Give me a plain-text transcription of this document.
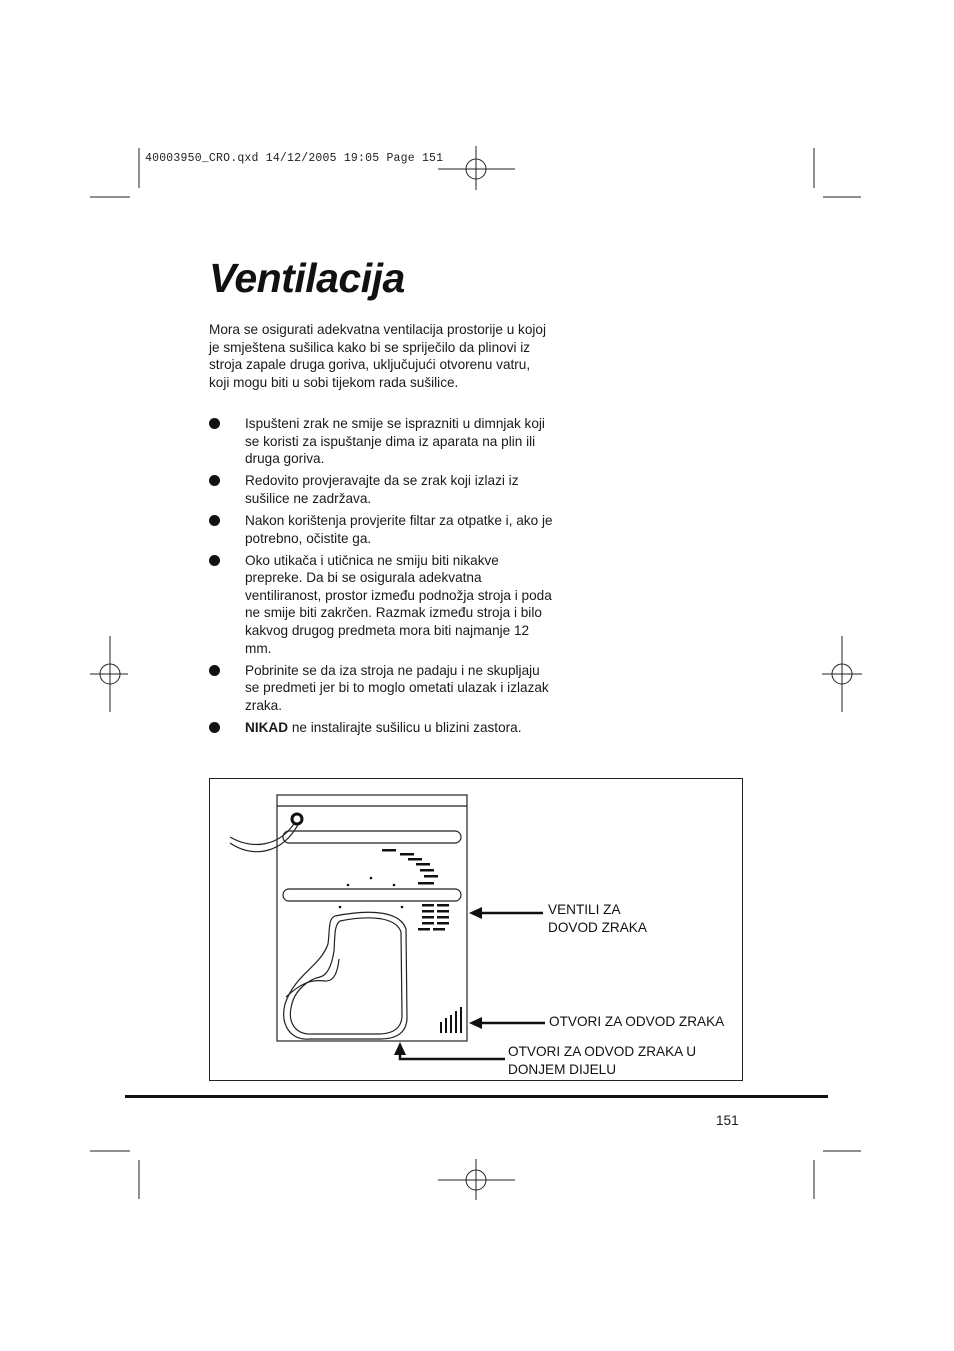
40003950_CRO.qxd 14/12/2005 19:05 Page 151
Ventilacija

Mora se osigurati adekvatna ventilacija prostorije u kojoj je smještena sušilica kako bi se spriječilo da plinovi iz stroja zapale druga goriva, uključujući otvorenu vatru, koji mogu biti u sobi tijekom rada sušilice.

Ispušteni zrak ne smije se isprazniti u dimnjak koji se koristi za ispuštanje dima iz aparata na plin ili druga goriva.
Redovito provjeravajte da se zrak koji izlazi iz sušilice ne zadržava.
Nakon korištenja provjerite filtar za otpatke i, ako je potrebno, očistite ga.
Oko utikača i utičnica ne smiju biti nikakve prepreke. Da bi se osigurala adekvatna ventiliranost, prostor između podnožja stroja i poda ne smije biti zakrčen. Razmak između stroja i bilo kakvog drugog predmeta mora biti najmanje 12 mm.
Pobrinite se da iza stroja ne padaju i ne skupljaju se predmeti jer bi to moglo ometati ulazak i izlazak zraka.
NIKAD ne instalirajte sušilicu u blizini zastora.
VENTILI ZA
DOVOD ZRAKA
OTVORI ZA ODVOD ZRAKA
OTVORI ZA ODVOD ZRAKA U
DONJEM DIJELU
151
